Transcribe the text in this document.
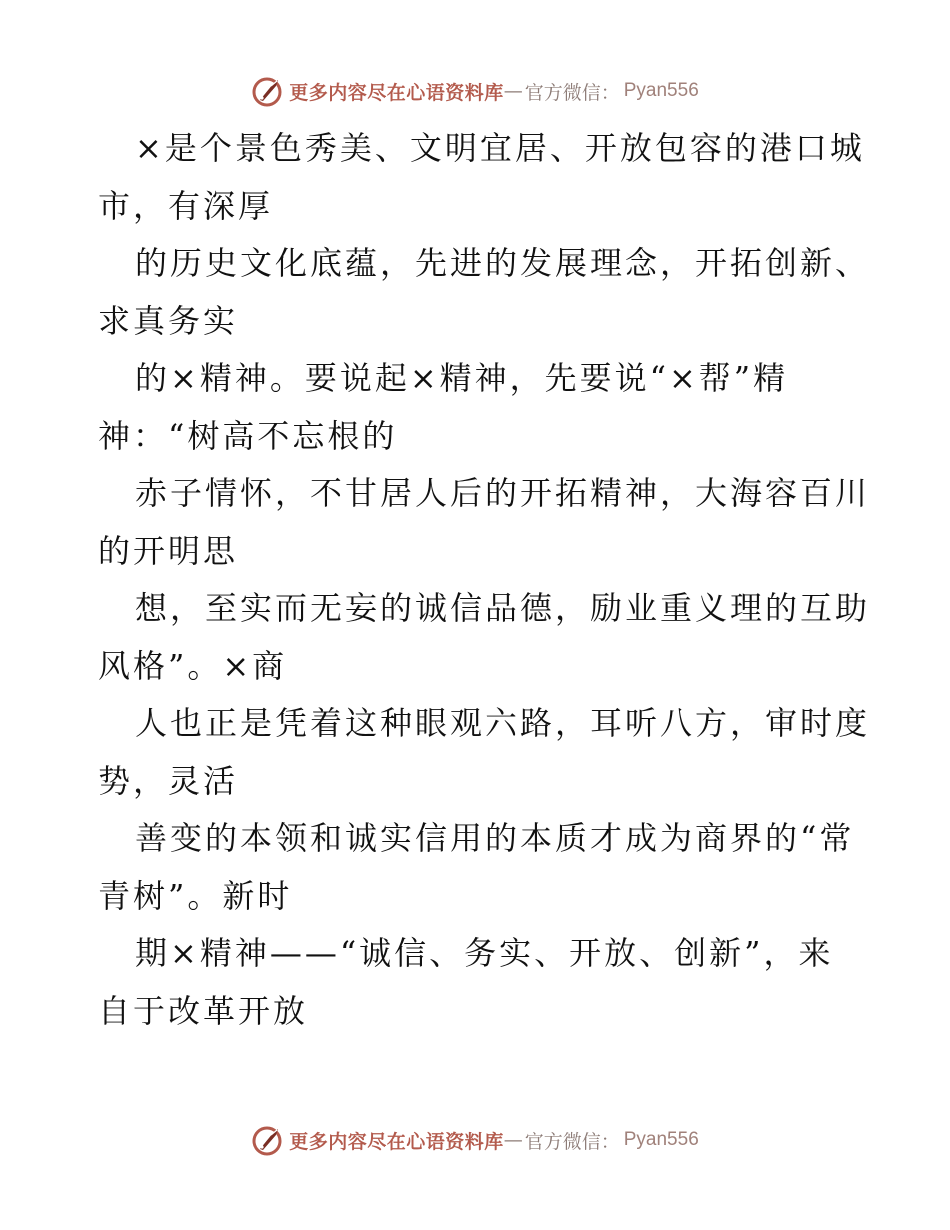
更多内容尽在心语资料库 — 官方微信： Pyan556
×是个景色秀美、文明宜居、开放包容的港口城
市，有深厚
的历史文化底蕴，先进的发展理念，开拓创新、
求真务实
的×精神。要说起×精神，先要说“×帮”精
神：“树高不忘根的
赤子情怀，不甘居人后的开拓精神，大海容百川
的开明思
想，至实而无妄的诚信品德，励业重义理的互助
风格”。×商
人也正是凭着这种眼观六路，耳听八方，审时度
势，灵活
善变的本领和诚实信用的本质才成为商界的“常
青树”。新时
期×精神——“诚信、务实、开放、创新”，来
自于改革开放
更多内容尽在心语资料库 — 官方微信： Pyan556
